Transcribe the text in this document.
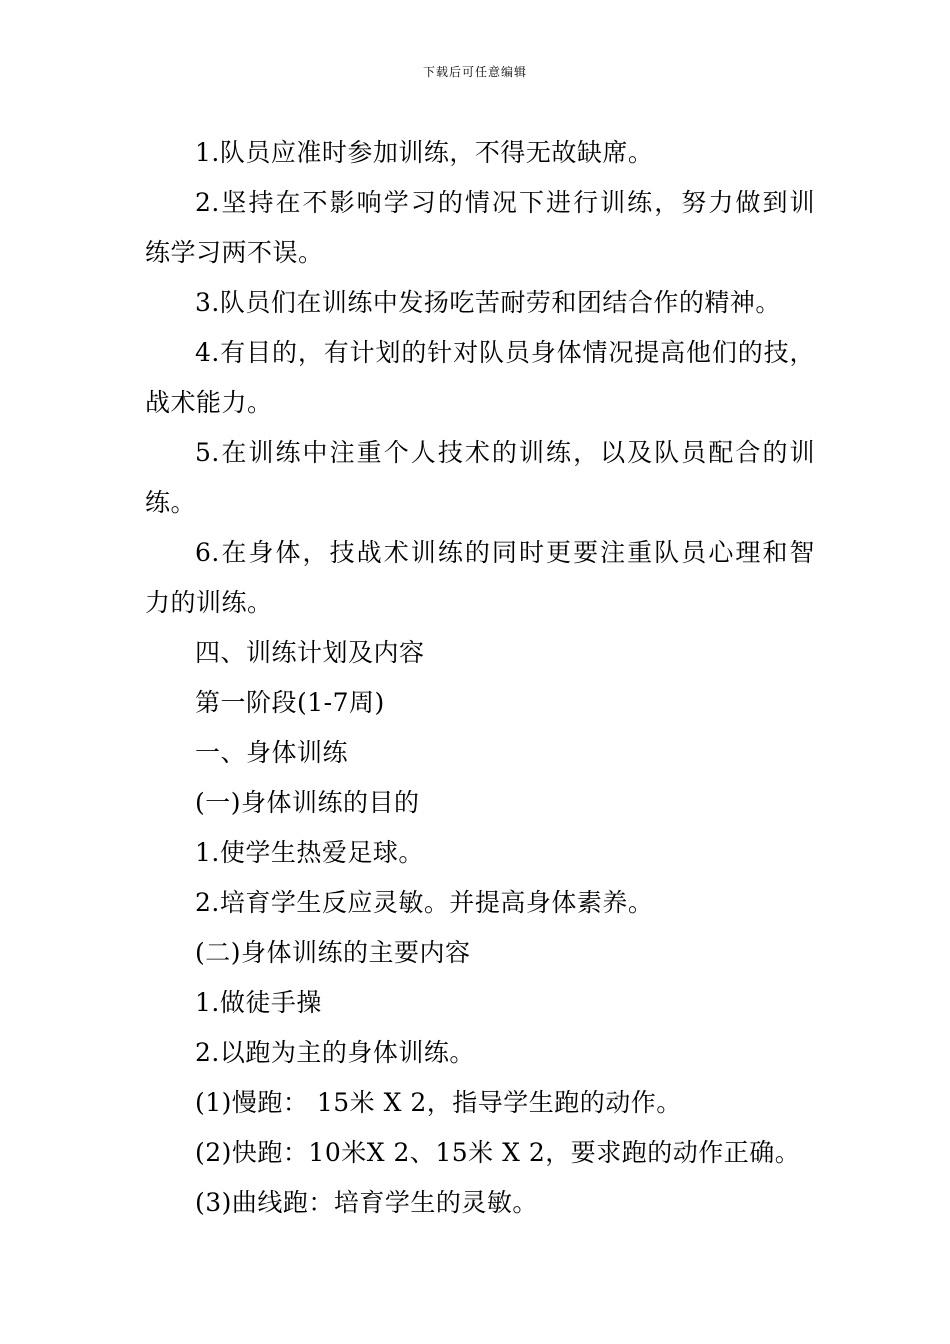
下载后可任意编辑
1.队员应准时参加训练，不得无故缺席。
2.坚持在不影响学习的情况下进行训练，努力做到训
练学习两不误。
3.队员们在训练中发扬吃苦耐劳和团结合作的精神。
4.有目的，有计划的针对队员身体情况提高他们的技，
战术能力。
5.在训练中注重个人技术的训练，以及队员配合的训
练。
6.在身体，技战术训练的同时更要注重队员心理和智
力的训练。
四、训练计划及内容
第一阶段(1-7周)
一、身体训练
(一)身体训练的目的
1.使学生热爱足球。
2.培育学生反应灵敏。并提高身体素养。
(二)身体训练的主要内容
1.做徒手操
2.以跑为主的身体训练。
(1)慢跑： 15米 X 2，指导学生跑的动作。
(2)快跑：10米X 2、15米 X 2，要求跑的动作正确。
(3)曲线跑：培育学生的灵敏。
